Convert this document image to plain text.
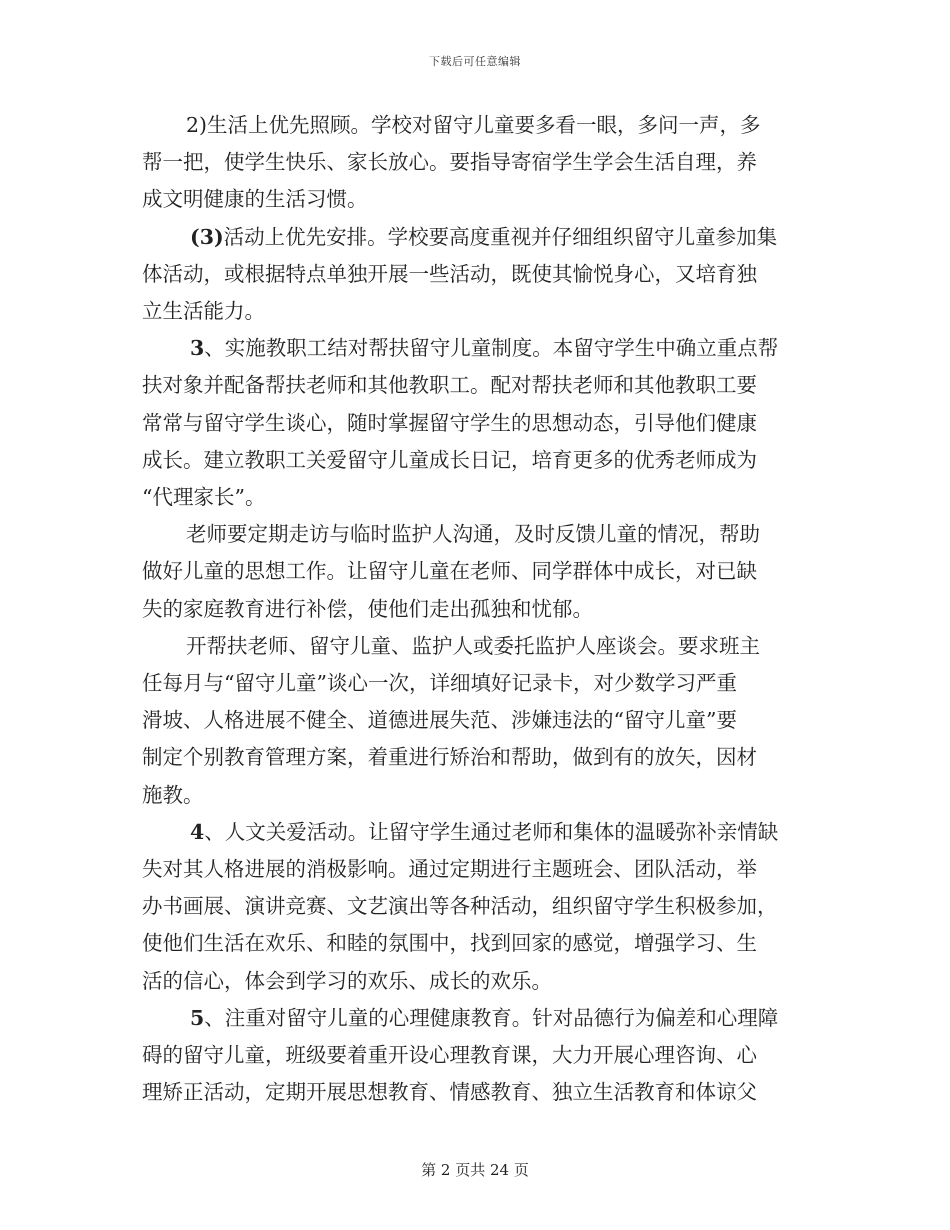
下载后可任意编辑
2)生活上优先照顾。学校对留守儿童要多看一眼，多问一声，多
帮一把，使学生快乐、家长放心。要指导寄宿学生学会生活自理，养
成文明健康的生活习惯。
(3)活动上优先安排。学校要高度重视并仔细组织留守儿童参加集
体活动，或根据特点单独开展一些活动，既使其愉悦身心，又培育独
立生活能力。
3、实施教职工结对帮扶留守儿童制度。本留守学生中确立重点帮
扶对象并配备帮扶老师和其他教职工。配对帮扶老师和其他教职工要
常常与留守学生谈心，随时掌握留守学生的思想动态，引导他们健康
成长。建立教职工关爱留守儿童成长日记，培育更多的优秀老师成为
“代理家长”。
老师要定期走访与临时监护人沟通，及时反馈儿童的情况，帮助
做好儿童的思想工作。让留守儿童在老师、同学群体中成长，对已缺
失的家庭教育进行补偿，使他们走出孤独和忧郁。
开帮扶老师、留守儿童、监护人或委托监护人座谈会。要求班主
任每月与“留守儿童”谈心一次，详细填好记录卡，对少数学习严重
滑坡、人格进展不健全、道德进展失范、涉嫌违法的“留守儿童”要
制定个别教育管理方案，着重进行矫治和帮助，做到有的放矢，因材
施教。
4、人文关爱活动。让留守学生通过老师和集体的温暖弥补亲情缺
失对其人格进展的消极影响。通过定期进行主题班会、团队活动，举
办书画展、演讲竞赛、文艺演出等各种活动，组织留守学生积极参加，
使他们生活在欢乐、和睦的氛围中，找到回家的感觉，增强学习、生
活的信心，体会到学习的欢乐、成长的欢乐。
5、注重对留守儿童的心理健康教育。针对品德行为偏差和心理障
碍的留守儿童，班级要着重开设心理教育课，大力开展心理咨询、心
理矫正活动，定期开展思想教育、情感教育、独立生活教育和体谅父
第 2 页共 24 页
